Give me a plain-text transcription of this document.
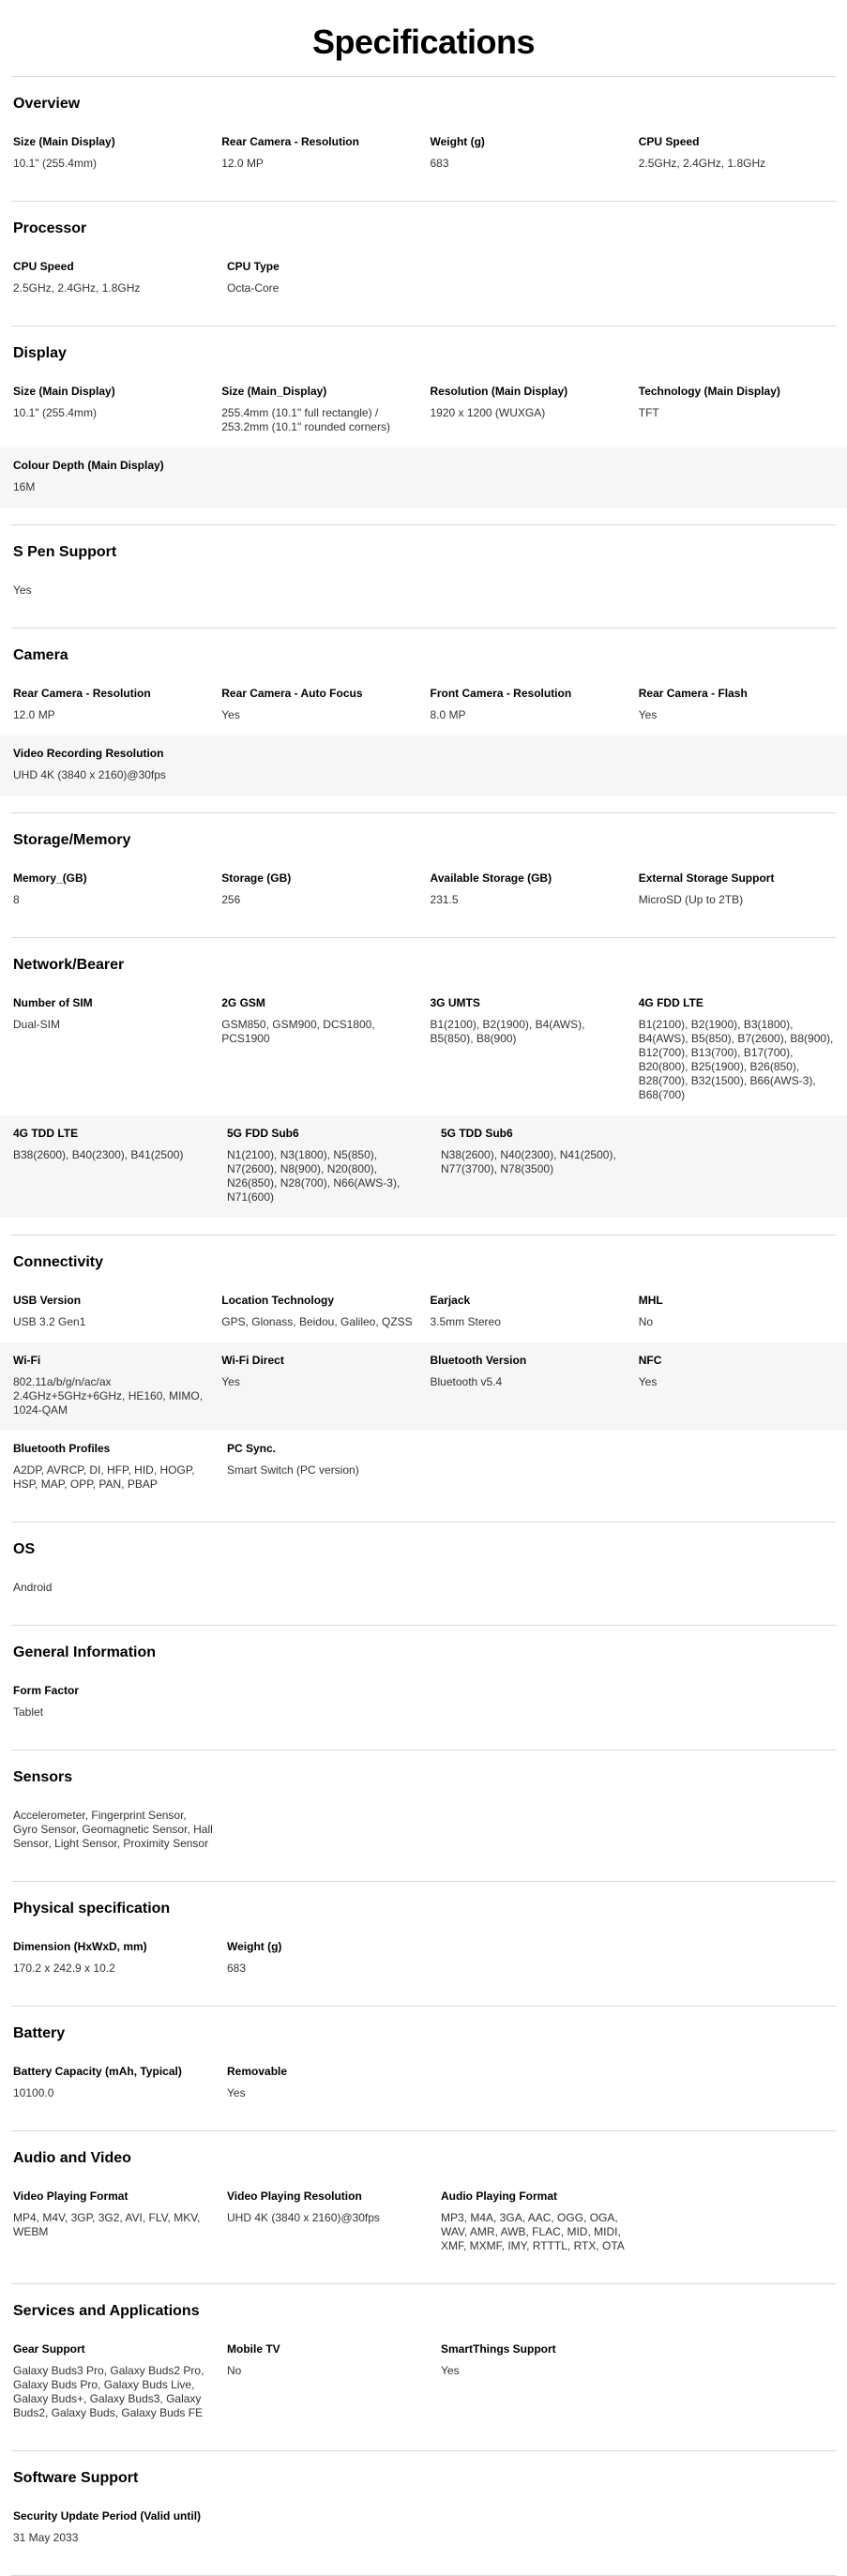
Specifications
Overview
Size (Main Display)
10.1" (255.4mm)
Rear Camera - Resolution
12.0 MP
Weight (g)
683
CPU Speed
2.5GHz, 2.4GHz, 1.8GHz
Processor
CPU Speed
2.5GHz, 2.4GHz, 1.8GHz
CPU Type
Octa-Core
Display
Size (Main Display)
10.1" (255.4mm)
Size (Main_Display)
255.4mm (10.1" full rectangle) / 253.2mm (10.1" rounded corners)
Resolution (Main Display)
1920 x 1200 (WUXGA)
Technology (Main Display)
TFT
Colour Depth (Main Display)
16M
S Pen Support
Yes
Camera
Rear Camera - Resolution
12.0 MP
Rear Camera - Auto Focus
Yes
Front Camera - Resolution
8.0 MP
Rear Camera - Flash
Yes
Video Recording Resolution
UHD 4K (3840 x 2160)@30fps
Storage/Memory
Memory_(GB)
8
Storage (GB)
256
Available Storage (GB)
231.5
External Storage Support
MicroSD (Up to 2TB)
Network/Bearer
Number of SIM
Dual-SIM
2G GSM
GSM850, GSM900, DCS1800, PCS1900
3G UMTS
B1(2100), B2(1900), B4(AWS), B5(850), B8(900)
4G FDD LTE
B1(2100), B2(1900), B3(1800), B4(AWS), B5(850), B7(2600), B8(900), B12(700), B13(700), B17(700), B20(800), B25(1900), B26(850), B28(700), B32(1500), B66(AWS-3), B68(700)
4G TDD LTE
B38(2600), B40(2300), B41(2500)
5G FDD Sub6
N1(2100), N3(1800), N5(850), N7(2600), N8(900), N20(800), N26(850), N28(700), N66(AWS-3), N71(600)
5G TDD Sub6
N38(2600), N40(2300), N41(2500), N77(3700), N78(3500)
Connectivity
USB Version
USB 3.2 Gen1
Location Technology
GPS, Glonass, Beidou, Galileo, QZSS
Earjack
3.5mm Stereo
MHL
No
Wi-Fi
802.11a/b/g/n/ac/ax 2.4GHz+5GHz+6GHz, HE160, MIMO, 1024-QAM
Wi-Fi Direct
Yes
Bluetooth Version
Bluetooth v5.4
NFC
Yes
Bluetooth Profiles
A2DP, AVRCP, DI, HFP, HID, HOGP, HSP, MAP, OPP, PAN, PBAP
PC Sync.
Smart Switch (PC version)
OS
Android
General Information
Form Factor
Tablet
Sensors
Accelerometer, Fingerprint Sensor, Gyro Sensor, Geomagnetic Sensor, Hall Sensor, Light Sensor, Proximity Sensor
Physical specification
Dimension (HxWxD, mm)
170.2 x 242.9 x 10.2
Weight (g)
683
Battery
Battery Capacity (mAh, Typical)
10100.0
Removable
Yes
Audio and Video
Video Playing Format
MP4, M4V, 3GP, 3G2, AVI, FLV, MKV, WEBM
Video Playing Resolution
UHD 4K (3840 x 2160)@30fps
Audio Playing Format
MP3, M4A, 3GA, AAC, OGG, OGA, WAV, AMR, AWB, FLAC, MID, MIDI, XMF, MXMF, IMY, RTTTL, RTX, OTA
Services and Applications
Gear Support
Galaxy Buds3 Pro, Galaxy Buds2 Pro, Galaxy Buds Pro, Galaxy Buds Live, Galaxy Buds+, Galaxy Buds3, Galaxy Buds2, Galaxy Buds, Galaxy Buds FE
Mobile TV
No
SmartThings Support
Yes
Software Support
Security Update Period (Valid until)
31 May 2033
